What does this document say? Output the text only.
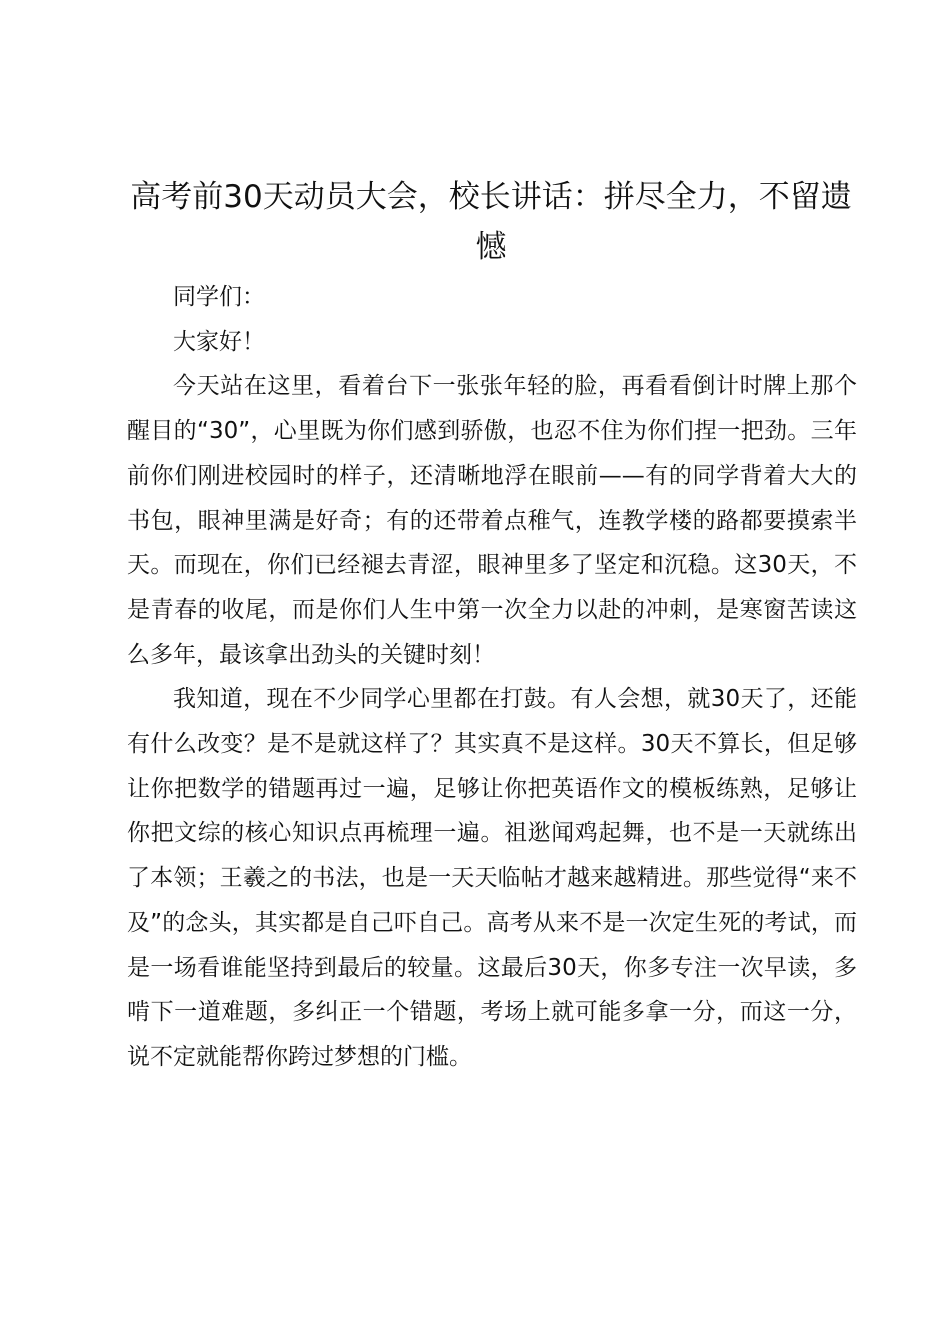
高考前30天动员大会，校长讲话：拼尽全力，不留遗憾

同学们：

大家好！

今天站在这里，看着台下一张张年轻的脸，再看看倒计时牌上那个醒目的“30”，心里既为你们感到骄傲，也忍不住为你们捏一把劲。三年前你们刚进校园时的样子，还清晰地浮在眼前——有的同学背着大大的书包，眼神里满是好奇；有的还带着点稚气，连教学楼的路都要摸索半天。而现在，你们已经褪去青涩，眼神里多了坚定和沉稳。这30天，不是青春的收尾，而是你们人生中第一次全力以赴的冲刺，是寒窗苦读这么多年，最该拿出劲头的关键时刻！

我知道，现在不少同学心里都在打鼓。有人会想，就30天了，还能有什么改变？是不是就这样了？其实真不是这样。30天不算长，但足够让你把数学的错题再过一遍，足够让你把英语作文的模板练熟，足够让你把文综的核心知识点再梳理一遍。祖逖闻鸡起舞，也不是一天就练出了本领；王羲之的书法，也是一天天临帖才越来越精进。那些觉得“来不及”的念头，其实都是自己吓自己。高考从来不是一次定生死的考试，而是一场看谁能坚持到最后的较量。这最后30天，你多专注一次早读，多啃下一道难题，多纠正一个错题，考场上就可能多拿一分，而这一分，说不定就能帮你跨过梦想的门槛。
